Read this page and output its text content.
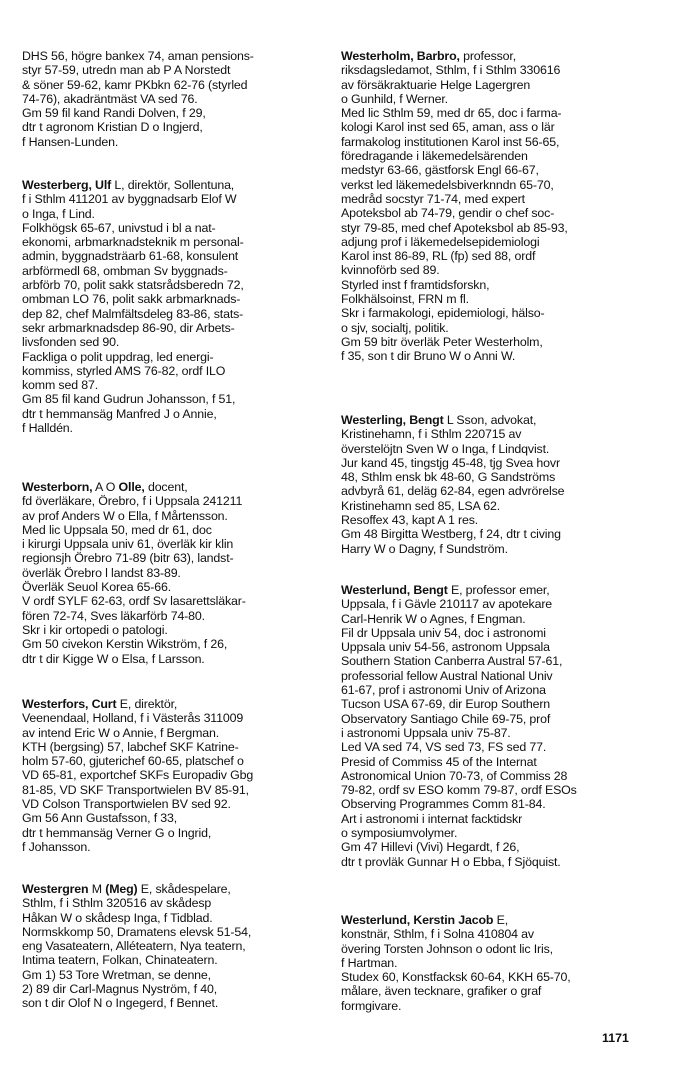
DHS 56, högre bankex 74, aman pensions-
styr 57-59, utredn man ab P A Norstedt
& söner 59-62, kamr PKbkn 62-76 (styrled
74-76), akadräntmäst VA sed 76.
Gm 59 fil kand Randi Dolven, f 29,
dtr t agronom Kristian D o Ingjerd,
f Hansen-Lunden.
Westerberg, Ulf L, direktör, Sollentuna,
f i Sthlm 411201 av byggnadsarb Elof W
o Inga, f Lind.
Folkhögsk 65-67, univstud i bl a nat-
ekonomi, arbmarknadsteknik m personal-
admin, byggnadsträarb 61-68, konsulent
arbförmedl 68, ombman Sv byggnads-
arbförb 70, polit sakk statsrådsberedn 72,
ombman LO 76, polit sakk arbmarknads-
dep 82, chef Malmfältsdeleg 83-86, stats-
sekr arbmarknadsdep 86-90, dir Arbets-
livsfonden sed 90.
Fackliga o polit uppdrag, led energi-
kommiss, styrled AMS 76-82, ordf ILO
komm sed 87.
Gm 85 fil kand Gudrun Johansson, f 51,
dtr t hemmansäg Manfred J o Annie,
f Halldén.
Westerborn, A O Olle, docent,
fd överläkare, Örebro, f i Uppsala 241211
av prof Anders W o Ella, f Mårtensson.
Med lic Uppsala 50, med dr 61, doc
i kirurgi Uppsala univ 61, överläk kir klin
regionsjh Örebro 71-89 (bitr 63), landst-
överläk Örebro l landst 83-89.
Överläk Seuol Korea 65-66.
V ordf SYLF 62-63, ordf Sv lasarettsläkar-
fören 72-74, Sves läkarförb 74-80.
Skr i kir ortopedi o patologi.
Gm 50 civekon Kerstin Wikström, f 26,
dtr t dir Kigge W o Elsa, f Larsson.
Westerfors, Curt E, direktör,
Veenendaal, Holland, f i Västerås 311009
av intend Eric W o Annie, f Bergman.
KTH (bergsing) 57, labchef SKF Katrine-
holm 57-60, gjuterichef 60-65, platschef o
VD 65-81, exportchef SKFs Europadiv Gbg
81-85, VD SKF Transportwielen BV 85-91,
VD Colson Transportwielen BV sed 92.
Gm 56 Ann Gustafsson, f 33,
dtr t hemmansäg Verner G o Ingrid,
f Johansson.
Westergren M (Meg) E, skådespelare,
Sthlm, f i Sthlm 320516 av skådesp
Håkan W o skådesp Inga, f Tidblad.
Normskkomp 50, Dramatens elevsk 51-54,
eng Vasateatern, Alléteatern, Nya teatern,
Intima teatern, Folkan, Chinateatern.
Gm 1) 53 Tore Wretman, se denne,
2) 89 dir Carl-Magnus Nyström, f 40,
son t dir Olof N o Ingegerd, f Bennet.
Westerholm, Barbro, professor,
riksdagsledamot, Sthlm, f i Sthlm 330616
av försäkraktuarie Helge Lagergren
o Gunhild, f Werner.
Med lic Sthlm 59, med dr 65, doc i farma-
kologi Karol inst sed 65, aman, ass o lär
farmakolog institutionen Karol inst 56-65,
föredragande i läkemedelsärenden
medstyr 63-66, gästforsk Engl 66-67,
verkst led läkemedelsbiverknndn 65-70,
medråd socstyr 71-74, med expert
Apoteksbol ab 74-79, gendir o chef soc-
styr 79-85, med chef Apoteksbol ab 85-93,
adjung prof i läkemedelsepidemiologi
Karol inst 86-89, RL (fp) sed 88, ordf
kvinnoförb sed 89.
Styrled inst f framtidsforskn,
Folkhälsoinst, FRN m fl.
Skr i farmakologi, epidemiologi, hälso-
o sjv, socialtj, politik.
Gm 59 bitr överläk Peter Westerholm,
f 35, son t dir Bruno W o Anni W.
Westerling, Bengt L Sson, advokat,
Kristinehamn, f i Sthlm 220715 av
överstelöjtn Sven W o Inga, f Lindqvist.
Jur kand 45, tingstjg 45-48, tjg Svea hovr
48, Sthlm ensk bk 48-60, G Sandströms
advbyrå 61, deläg 62-84, egen advrörelse
Kristinehamn sed 85, LSA 62.
Resoffex 43, kapt A 1 res.
Gm 48 Birgitta Westberg, f 24, dtr t civing
Harry W o Dagny, f Sundström.
Westerlund, Bengt E, professor emer,
Uppsala, f i Gävle 210117 av apotekare
Carl-Henrik W o Agnes, f Engman.
Fil dr Uppsala univ 54, doc i astronomi
Uppsala univ 54-56, astronom Uppsala
Southern Station Canberra Austral 57-61,
professorial fellow Austral National Univ
61-67, prof i astronomi Univ of Arizona
Tucson USA 67-69, dir Europ Southern
Observatory Santiago Chile 69-75, prof
i astronomi Uppsala univ 75-87.
Led VA sed 74, VS sed 73, FS sed 77.
Presid of Commiss 45 of the Internat
Astronomical Union 70-73, of Commiss 28
79-82, ordf sv ESO komm 79-87, ordf ESOs
Observing Programmes Comm 81-84.
Art i astronomi i internat facktidskr
o symposiumvolymer.
Gm 47 Hillevi (Vivi) Hegardt, f 26,
dtr t provläk Gunnar H o Ebba, f Sjöquist.
Westerlund, Kerstin Jacob E,
konstnär, Sthlm, f i Solna 410804 av
övering Torsten Johnson o odont lic Iris,
f Hartman.
Studex 60, Konstfacksk 60-64, KKH 65-70,
målare, även tecknare, grafiker o graf
formgivare.
1171
